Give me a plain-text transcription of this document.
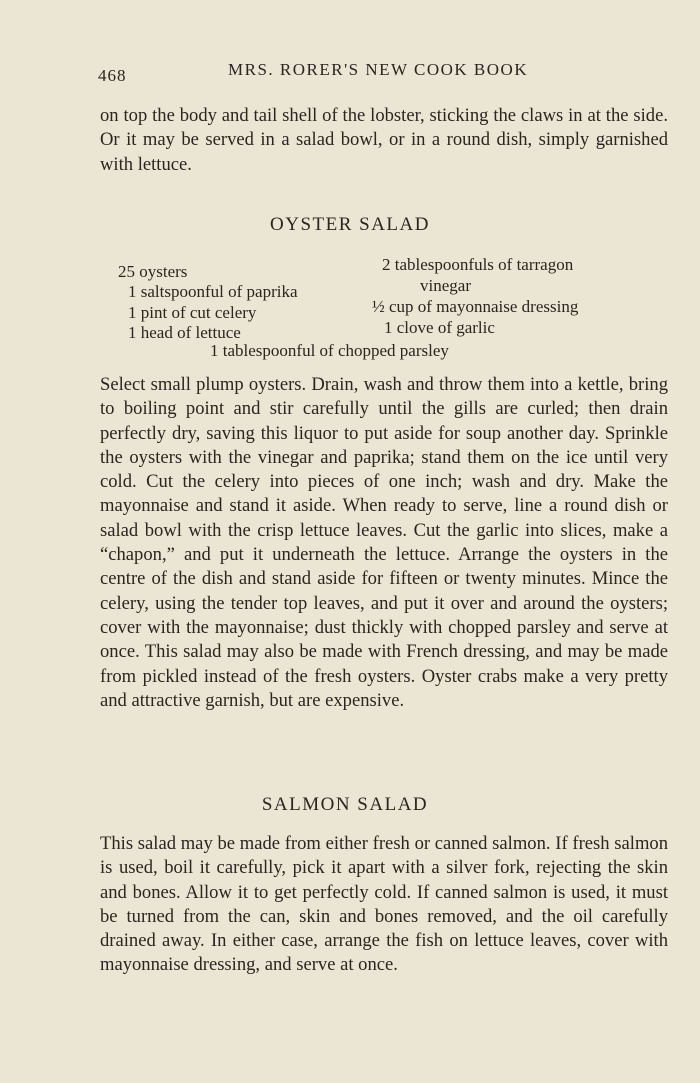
468	MRS. RORER'S NEW COOK BOOK

on top the body and tail shell of the lobster, sticking the claws in at the side. Or it may be served in a salad bowl, or in a round dish, simply garnished with lettuce.

OYSTER SALAD
25 oysters
1 saltspoonful of paprika
1 pint of cut celery
1 head of lettuce
2 tablespoonfuls of tarragon
vinegar
½ cup of mayonnaise dressing
1 clove of garlic
1 tablespoonful of chopped parsley

Select small plump oysters. Drain, wash and throw them into a kettle, bring to boiling point and stir carefully until the gills are curled; then drain perfectly dry, saving this liquor to put aside for soup another day. Sprinkle the oysters with the vinegar and paprika; stand them on the ice until very cold. Cut the celery into pieces of one inch; wash and dry. Make the mayonnaise and stand it aside. When ready to serve, line a round dish or salad bowl with the crisp lettuce leaves. Cut the garlic into slices, make a “chapon,” and put it underneath the lettuce. Arrange the oysters in the centre of the dish and stand aside for fifteen or twenty minutes. Mince the celery, using the tender top leaves, and put it over and around the oysters; cover with the mayonnaise; dust thickly with chopped parsley and serve at once. This salad may also be made with French dressing, and may be made from pickled instead of the fresh oysters. Oyster crabs make a very pretty and attractive garnish, but are expensive.

SALMON SALAD

This salad may be made from either fresh or canned salmon. If fresh salmon is used, boil it carefully, pick it apart with a silver fork, rejecting the skin and bones. Allow it to get perfectly cold. If canned salmon is used, it must be turned from the can, skin and bones removed, and the oil carefully drained away. In either case, arrange the fish on lettuce leaves, cover with mayonnaise dressing, and serve at once.
